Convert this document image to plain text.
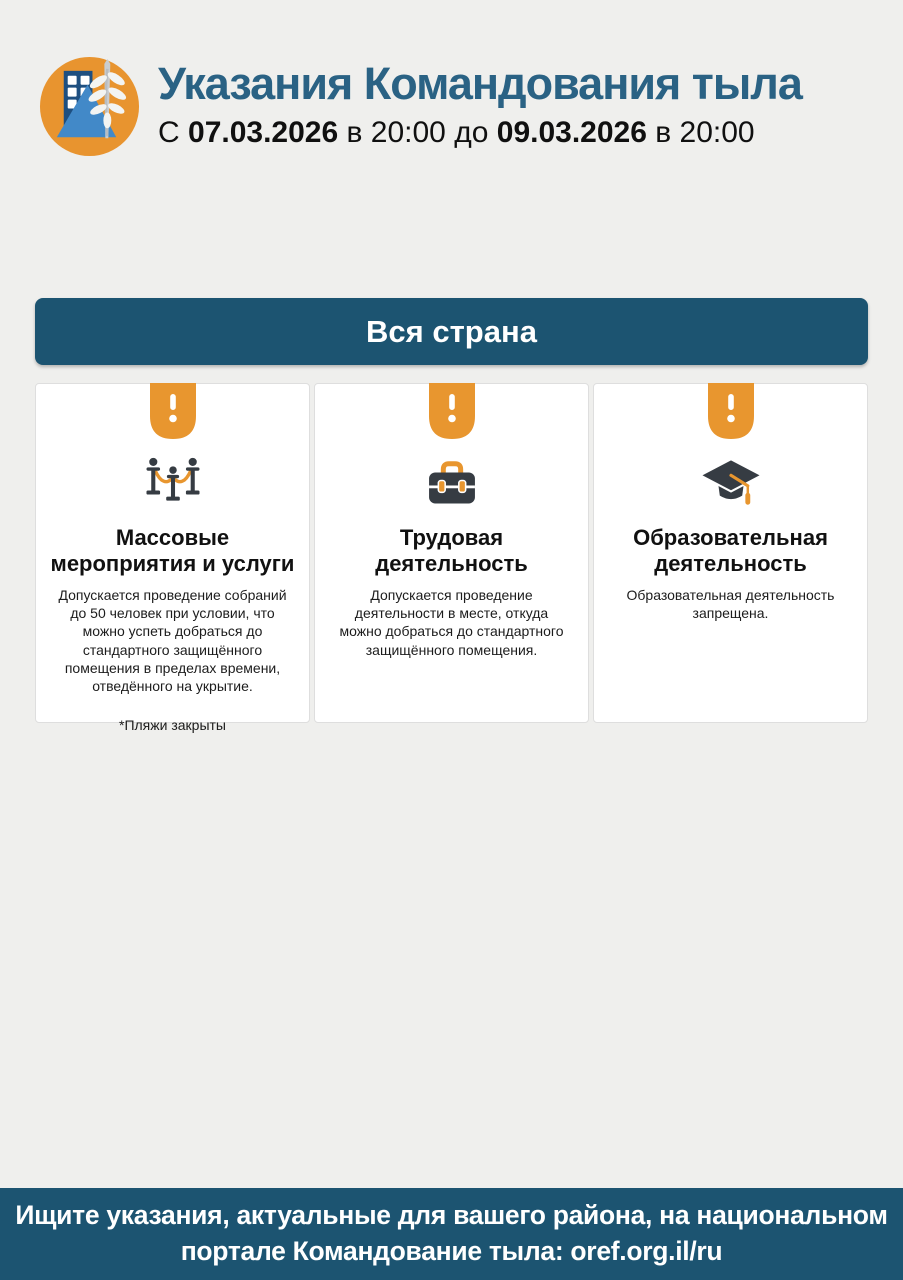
Указания Командования тыла
С 07.03.2026 в 20:00 до 09.03.2026 в 20:00
Вся страна
Массовые мероприятия и услуги
Допускается проведение собраний до 50 человек при условии, что можно успеть добраться до стандартного защищённого помещения в пределах времени, отведённого на укрытие.
*Пляжи закрыты
Трудовая деятельность
Допускается проведение деятельности в месте, откуда можно добраться до стандартного защищённого помещения.
Образовательная деятельность
Образовательная деятельность запрещена.
Ищите указания, актуальные для вашего района, на национальном
портале Командование тыла: oref.org.il/ru
